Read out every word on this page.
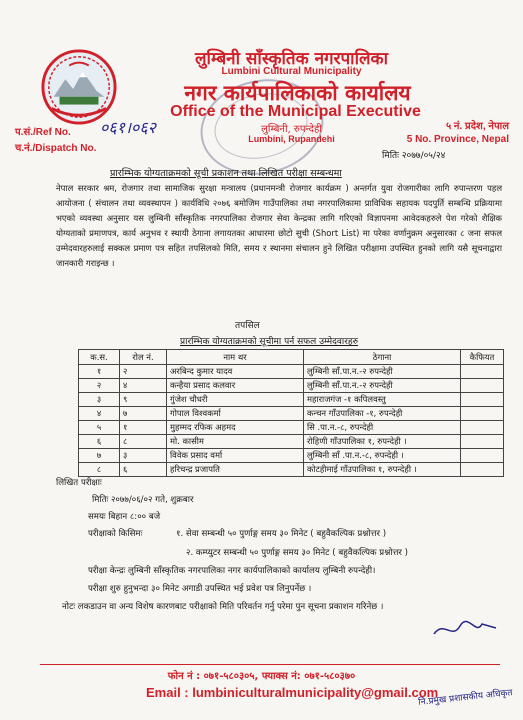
लुम्बिनी साँस्कृतिक नगरपालिका
Lumbini Cultural Municipality
नगर कार्यपालिकाको कार्यालय
Office of the Municipal Executive
लुम्बिनी, रुपन्देही
Lumbini, Rupandehi
प.सं./Ref No. ०६१।०६२
च.नं./Dispatch No.
५ नं. प्रदेश, नेपाल
5 No. Province, Nepal
मितिः २०७७/०५/२४
प्रारम्भिक योग्यताक्रमको सूची प्रकाशन तथा लिखित परीक्षा सम्बन्धमा

नेपाल सरकार श्रम, रोजगार तथा सामाजिक सुरक्षा मन्त्रालय (प्रधानमन्त्री रोजगार कार्यक्रम ) अन्तर्गत युवा रोजगारीका लागि रुपान्तरण पहल आयोजना ( संचालन तथा व्यवस्थापन ) कार्यविधि २०७६ बमोजिम गाउँपालिका तथा नगरपालिकामा प्राविधिक सहायक पदपुर्ति सम्बन्धि प्रक्रियामा भएको व्यवस्था अनुसार यस लुम्बिनी साँस्कृतिक नगरपालिका रोजगार सेवा केन्द्रका लागि गरिएको विज्ञापनमा आवेदकहरुले पेश गरेको शैक्षिक योग्यताको प्रमाणपत्र, कार्य अनुभव र स्थायी ठेगाना लगायतका आधारमा छोटो सुची (Short List) मा परेका वर्णानुक्रम अनुसारका ८ जना सफल उम्मेदवारहरुलाई सक्कल प्रमाण पत्र सहित तपसिलको मिति, समय र स्थानमा संचालन हुने लिखित परीक्षामा उपस्थित हुनको लागि यसै सूचनाद्वारा जानकारी गराइन्छ ।

तपसिल
प्रारम्भिक योग्यताक्रमको सूचीमा पर्न सफल उम्मेदवारहरु
क.स.	रोल नं.	नाम थर	ठेगाना	कैफियत
१	२	अरबिन्द कुमार यादव	लुम्बिनी साँ.पा.न.-२ रुपन्देही	
२	४	कन्हैया प्रसाद कलवार	लुम्बिनी साँ.पा.न.-२ रुपन्देही	
३	९	गुंजेश चौधरी	महाराजगंज -१ कपिलवस्तु	
४	७	गोपाल विश्वकर्मा	कन्चन गाँउपालिका -१, रुपन्देही	
५	१	मुहम्मद रफिक अहमद	सि .पा.न.-८, रुपन्देही	
६	८	मो. कासीम	रोहिणी गाँउपालिका १, रुपन्देही ।	
७	३	विवेक प्रसाद वर्मा	लुम्बिनी साँ .पा.न.-८, रुपन्देही ।	
८	६	हरिचन्द्र प्रजापति	कोटहीमाई गाँउपालिका १, रुपन्देही ।	
लिखित परीक्षाः
मितिः २०७७/०६/०२ गते, शुक्रबार
समयः बिहान ८:०० बजे
परीक्षाको किसिमः	१. सेवा सम्बन्धी ५० पुर्णाङ्ग समय ३० मिनेट ( बहुवैकल्पिक प्रश्नोत्तर )
२. कम्प्युटर सम्बन्धी ५० पुर्णाङ्ग समय ३० मिनेट ( बहुवैकल्पिक प्रश्नोत्तर )
परीक्षा केन्द्रः लुम्बिनी साँस्कृतिक नगरपालिका नगर कार्यपालिकाको कार्यालय लुम्बिनी रुपन्देही।
परीक्षा शुरु हुनुभन्दा ३० मिनेट अगाडी उपस्थित भई प्रवेश पत्र लिनुपर्नेछ ।
नोटः लकडाउन वा अन्य विशेष कारणबाट परीक्षाको मिति परिवर्तन गर्नु परेमा पुन सूचना प्रकाशन गरिनेछ ।
फोन नं : ०७१-५८०३०५, फ्याक्स नं: ०७१-५८०३७०
Email : lumbiniculturalmunicipality@gmail.com
नि.प्रमुख प्रशासकीय अधिकृत
